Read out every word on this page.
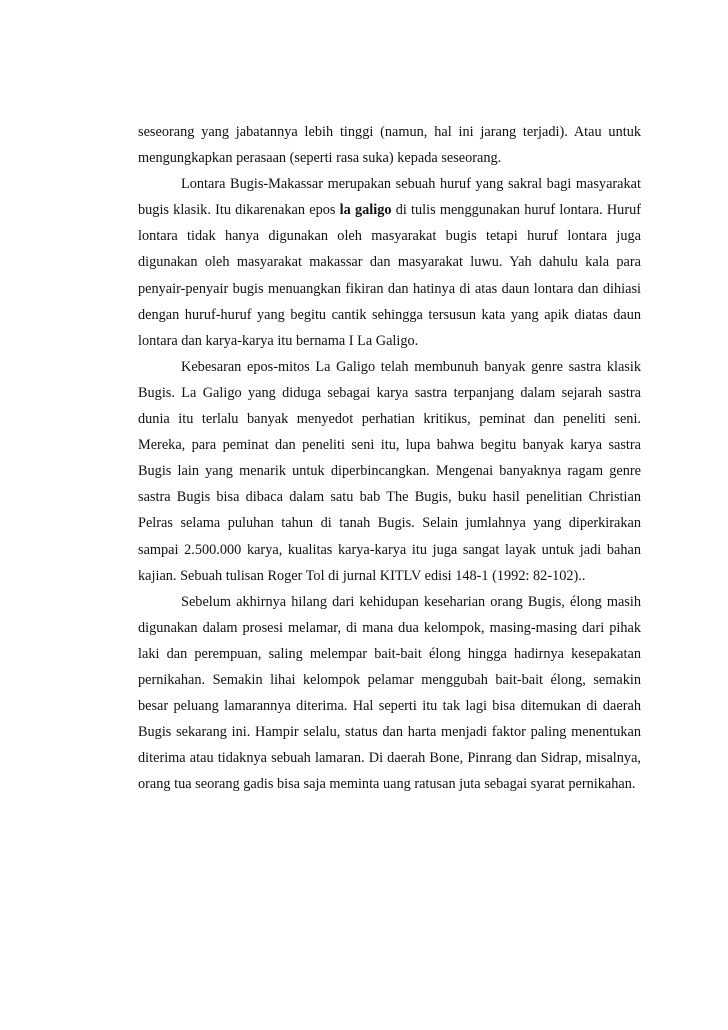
seseorang yang jabatannya lebih tinggi (namun, hal ini jarang terjadi). Atau untuk mengungkapkan perasaan (seperti rasa suka) kepada seseorang.

Lontara Bugis-Makassar merupakan sebuah huruf yang sakral bagi masyarakat bugis klasik. Itu dikarenakan epos la galigo di tulis menggunakan huruf lontara. Huruf lontara tidak hanya digunakan oleh masyarakat bugis tetapi huruf lontara juga digunakan oleh masyarakat makassar dan masyarakat luwu. Yah dahulu kala para penyair-penyair bugis menuangkan fikiran dan hatinya di atas daun lontara dan dihiasi dengan huruf-huruf yang begitu cantik sehingga tersusun kata yang apik diatas daun lontara dan karya-karya itu bernama I La Galigo.

Kebesaran epos-mitos La Galigo telah membunuh banyak genre sastra klasik Bugis. La Galigo yang diduga sebagai karya sastra terpanjang dalam sejarah sastra dunia itu terlalu banyak menyedot perhatian kritikus, peminat dan peneliti seni. Mereka, para peminat dan peneliti seni itu, lupa bahwa begitu banyak karya sastra Bugis lain yang menarik untuk diperbincangkan. Mengenai banyaknya ragam genre sastra Bugis bisa dibaca dalam satu bab The Bugis, buku hasil penelitian Christian Pelras selama puluhan tahun di tanah Bugis. Selain jumlahnya yang diperkirakan sampai 2.500.000 karya, kualitas karya-karya itu juga sangat layak untuk jadi bahan kajian. Sebuah tulisan Roger Tol di jurnal KITLV edisi 148-1 (1992: 82-102)..

Sebelum akhirnya hilang dari kehidupan keseharian orang Bugis, élong masih digunakan dalam prosesi melamar, di mana dua kelompok, masing-masing dari pihak laki dan perempuan, saling melempar bait-bait élong hingga hadirnya kesepakatan pernikahan. Semakin lihai kelompok pelamar menggubah bait-bait élong, semakin besar peluang lamarannya diterima. Hal seperti itu tak lagi bisa ditemukan di daerah Bugis sekarang ini. Hampir selalu, status dan harta menjadi faktor paling menentukan diterima atau tidaknya sebuah lamaran. Di daerah Bone, Pinrang dan Sidrap, misalnya, orang tua seorang gadis bisa saja meminta uang ratusan juta sebagai syarat pernikahan.
